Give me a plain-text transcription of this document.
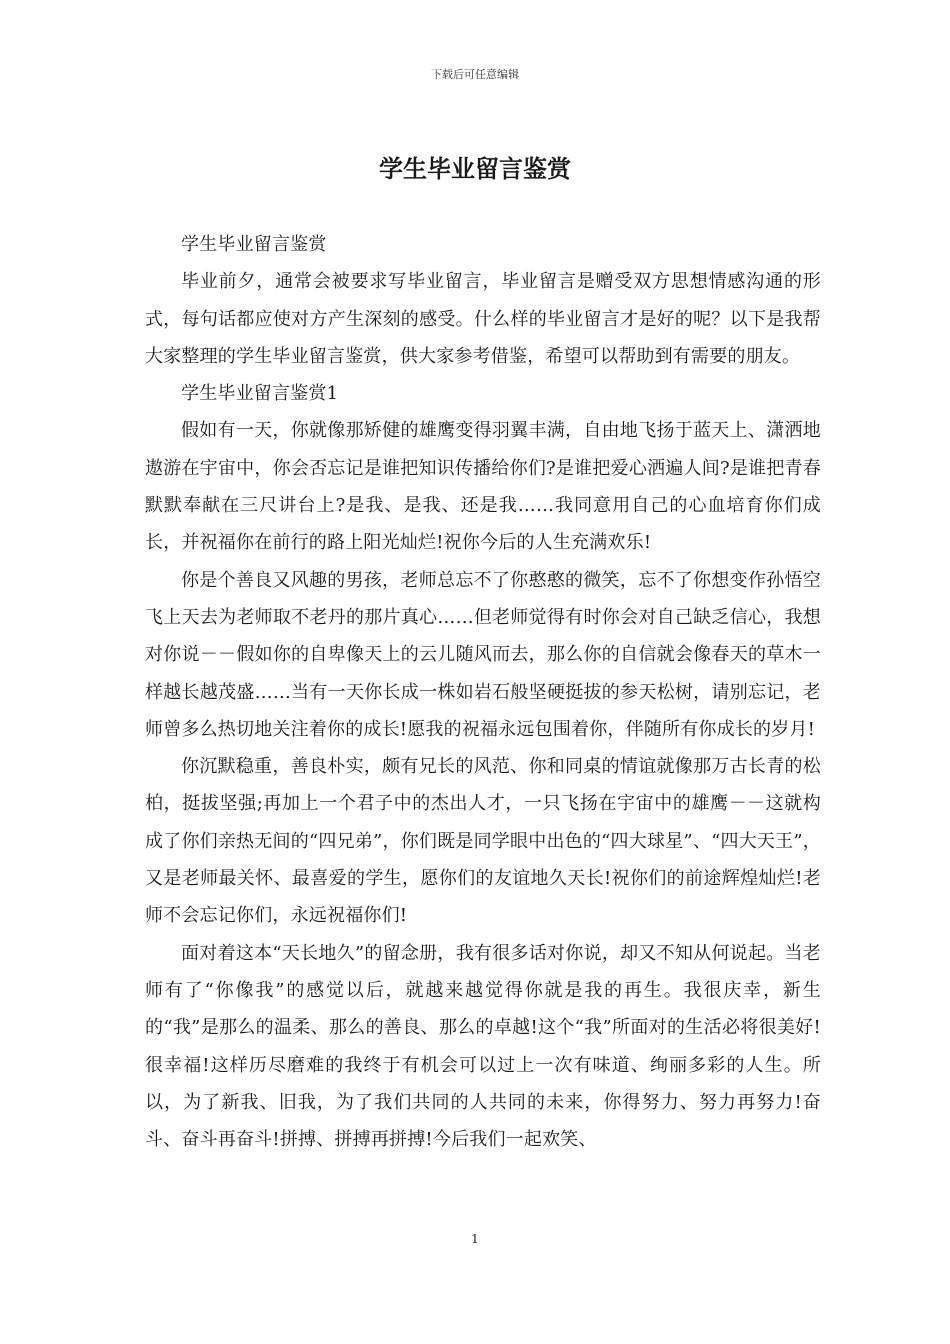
下载后可任意编辑
学生毕业留言鉴赏

学生毕业留言鉴赏

毕业前夕，通常会被要求写毕业留言，毕业留言是赠受双方思想情感沟通的形式，每句话都应使对方产生深刻的感受。什么样的毕业留言才是好的呢？以下是我帮大家整理的学生毕业留言鉴赏，供大家参考借鉴，希望可以帮助到有需要的朋友。

学生毕业留言鉴赏1

假如有一天，你就像那矫健的雄鹰变得羽翼丰满，自由地飞扬于蓝天上、潇洒地遨游在宇宙中，你会否忘记是谁把知识传播给你们?是谁把爱心洒遍人间?是谁把青春默默奉献在三尺讲台上?是我、是我、还是我……我同意用自己的心血培育你们成长，并祝福你在前行的路上阳光灿烂!祝你今后的人生充满欢乐!

你是个善良又风趣的男孩，老师总忘不了你憨憨的微笑，忘不了你想变作孙悟空飞上天去为老师取不老丹的那片真心……但老师觉得有时你会对自己缺乏信心，我想对你说－－假如你的自卑像天上的云儿随风而去，那么你的自信就会像春天的草木一样越长越茂盛……当有一天你长成一株如岩石般坚硬挺拔的参天松树，请别忘记，老师曾多么热切地关注着你的成长!愿我的祝福永远包围着你，伴随所有你成长的岁月!

你沉默稳重，善良朴实，颇有兄长的风范、你和同桌的情谊就像那万古长青的松柏，挺拔坚强;再加上一个君子中的杰出人才，一只飞扬在宇宙中的雄鹰－－这就构成了你们亲热无间的“四兄弟”，你们既是同学眼中出色的“四大球星”、“四大天王”，又是老师最关怀、最喜爱的学生，愿你们的友谊地久天长!祝你们的前途辉煌灿烂!老师不会忘记你们，永远祝福你们!

面对着这本“天长地久”的留念册，我有很多话对你说，却又不知从何说起。当老师有了“你像我”的感觉以后，就越来越觉得你就是我的再生。我很庆幸，新生的“我”是那么的温柔、那么的善良、那么的卓越!这个“我”所面对的生活必将很美好!很幸福!这样历尽磨难的我终于有机会可以过上一次有味道、绚丽多彩的人生。所以，为了新我、旧我，为了我们共同的人共同的未来，你得努力、努力再努力!奋斗、奋斗再奋斗!拼搏、拼搏再拼搏!今后我们一起欢笑、

1
